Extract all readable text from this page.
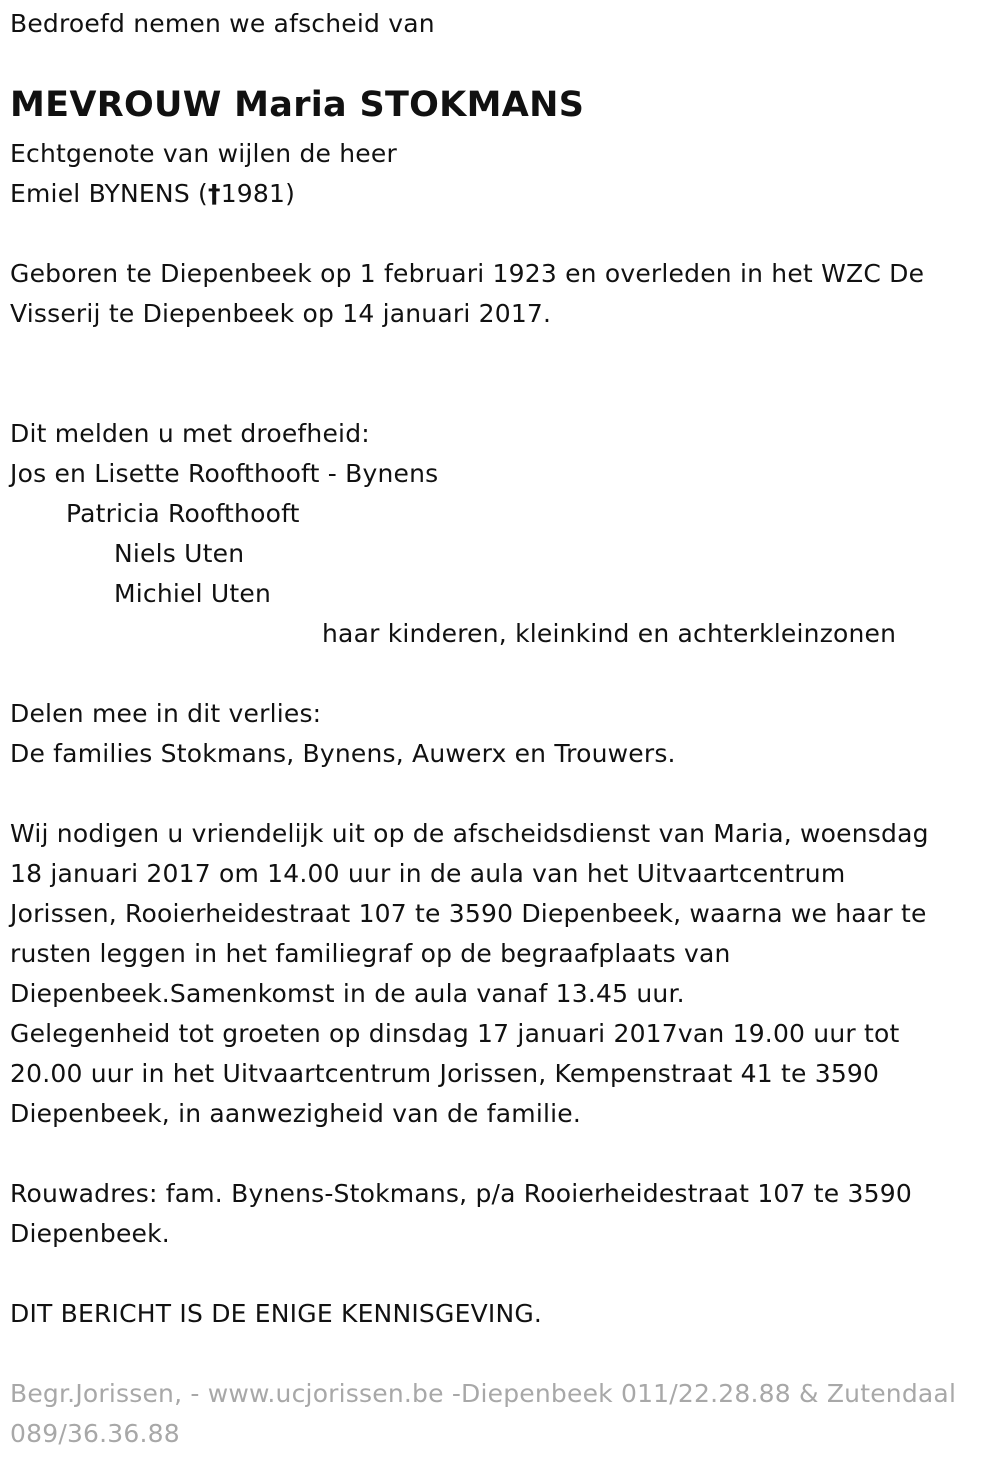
Bedroefd nemen we afscheid van
MEVROUW Maria STOKMANS
Echtgenote van wijlen de heer
Emiel BYNENS (†1981)
Geboren te Diepenbeek op 1 februari 1923 en overleden in het WZC De
Visserij te Diepenbeek op 14 januari 2017.
Dit melden u met droefheid:
Jos en Lisette Roofthooft - Bynens
Patricia Roofthooft
Niels Uten
Michiel Uten
haar kinderen, kleinkind en achterkleinzonen
Delen mee in dit verlies:
De families Stokmans, Bynens, Auwerx en Trouwers.
Wij nodigen u vriendelijk uit op de afscheidsdienst van Maria, woensdag
18 januari 2017 om 14.00 uur in de aula van het Uitvaartcentrum
Jorissen, Rooierheidestraat 107 te 3590 Diepenbeek, waarna we haar te
rusten leggen in het familiegraf op de begraafplaats van
Diepenbeek.Samenkomst in de aula vanaf 13.45 uur.
Gelegenheid tot groeten op dinsdag 17 januari 2017van 19.00 uur tot
20.00 uur in het Uitvaartcentrum Jorissen, Kempenstraat 41 te 3590
Diepenbeek, in aanwezigheid van de familie.
Rouwadres: fam. Bynens-Stokmans, p/a Rooierheidestraat 107 te 3590
Diepenbeek.
DIT BERICHT IS DE ENIGE KENNISGEVING.
Begr.Jorissen, - www.ucjorissen.be -Diepenbeek 011/22.28.88 & Zutendaal
089/36.36.88
